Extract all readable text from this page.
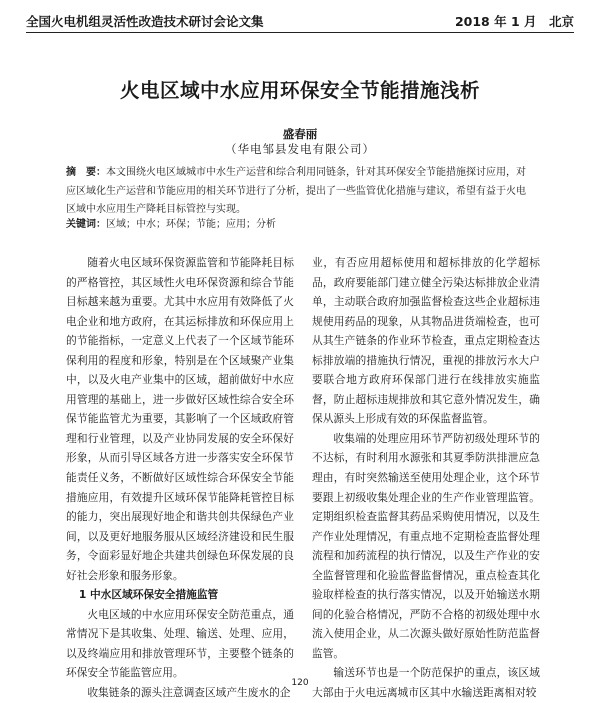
全国火电机组灵活性改造技术研讨会论文集	2018 年 1 月　北京
火电区域中水应用环保安全节能措施浅析
盛春丽
（华电邹县发电有限公司）
摘　要：本文围绕火电区域城市中水生产运营和综合利用同链条，针对其环保安全节能措施探讨应用，对应区域化生产运营和节能应用的相关环节进行了分析，提出了一些监管优化措施与建议，希望有益于火电区域中水应用生产降耗目标管控与实现。
关键词：区域；中水；环保；节能；应用；分析

随着火电区域环保资源监管和节能降耗目标的严格管控，其区域性火电环保资源和综合节能目标越来越为重要。尤其中水应用有效降低了火电企业和地方政府，在其运标排放和环保应用上的节能指标，一定意义上代表了一个区域节能环保利用的程度和形象，特别是在个区域聚产业集中，以及火电产业集中的区域，超前做好中水应用管理的基础上，进一步做好区域性综合安全环保节能监管尤为重要，其影响了一个区域政府管理和行业管理，以及产业协同发展的安全环保好形象，从而引导区域各方进一步落实安全环保节能责任义务，不断做好区域性综合环保安全节能措施应用，有效提升区域环保节能降耗管控目标的能力，突出展现好地企和谐共创共保绿色产业间，以及更好地服务服从区域经济建设和民生服务，令面彩显好地企共建共创绿色环保发展的良好社会形象和服务形象。

1 中水区域环保安全措施监管

火电区域的中水应用环保安全防范重点，通常情况下是其收集、处理、输送、处理、应用，以及终端应用和排放管理环节，主要整个链条的环保安全节能监管应用。

收集链条的源头注意调查区域产生废水的企

业，有否应用超标使用和超标排放的化学超标品，政府要能部门建立健全污染达标排放企业清单，主动联合政府加强监督检查这些企业超标违规使用药品的现象，从其物品进货端检查，也可从其生产链条的作业环节检查，重点定期检查达标排放端的措施执行情况，重视的排放污水大户要联合地方政府环保部门进行在线排放实施监督，防止超标违规排放和其它意外情况发生，确保从源头上形成有效的环保监督监管。

收集端的处理应用环节严防初级处理环节的不达标，有时利用水源张和其夏季防洪排泄应急理由，有时突然输送至使用处理企业，这个环节要跟上初级收集处理企业的生产作业管理监管。定期组织检查监督其药品采购使用情况，以及生产作业处理情况，有重点地不定期检查监督处理流程和加药流程的执行情况，以及生产作业的安全监督管理和化验监督监督情况，重点检查其化验取样检查的执行落实情况，以及开始输送水期间的化验合格情况，严防不合格的初级处理中水流入使用企业，从二次源头做好原始性防范监督监管。

输送环节也是一个防范保护的重点，该区域大部由于火电远离城市区其中水输送距离相对较

120
